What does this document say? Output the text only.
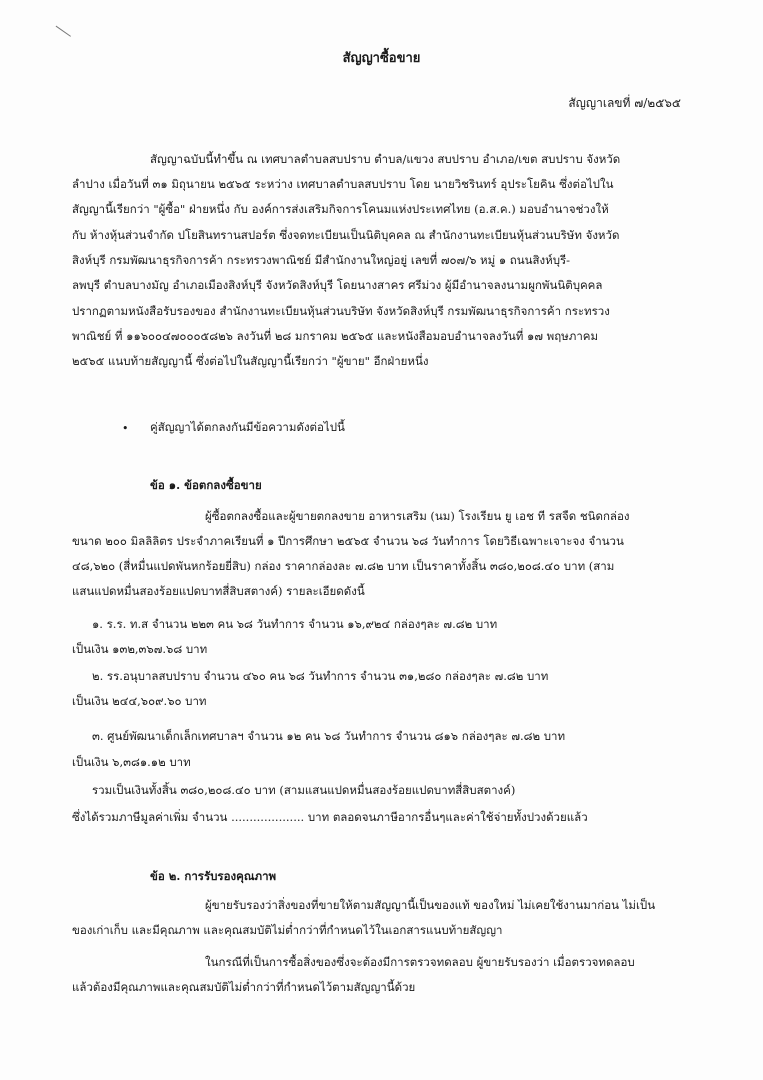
สัญญาซื้อขาย
สัญญาเลขที่ ๗/๒๕๖๕
สัญญาฉบับนี้ทำขึ้น ณ เทศบาลตำบลสบปราบ ตำบล/แขวง สบปราบ อำเภอ/เขต สบปราบ จังหวัด
ลำปาง เมื่อวันที่ ๓๑ มิถุนายน ๒๕๖๕ ระหว่าง เทศบาลตำบลสบปราบ โดย นายวิชรินทร์ อุประโยคิน ซึ่งต่อไปใน
สัญญานี้เรียกว่า "ผู้ซื้อ" ฝ่ายหนึ่ง กับ องค์การส่งเสริมกิจการโคนมแห่งประเทศไทย (อ.ส.ค.) มอบอำนาจช่วงให้
กับ ห้างหุ้นส่วนจำกัด ปโยสินทรานสปอร์ต ซึ่งจดทะเบียนเป็นนิติบุคคล ณ สำนักงานทะเบียนหุ้นส่วนบริษัท จังหวัด
สิงห์บุรี กรมพัฒนาธุรกิจการค้า กระทรวงพาณิชย์ มีสำนักงานใหญ่อยู่ เลขที่ ๗๐๗/๖ หมู่ ๑ ถนนสิงห์บุรี-
ลพบุรี ตำบลบางมัญ อำเภอเมืองสิงห์บุรี จังหวัดสิงห์บุรี โดยนางสาคร ศรีม่วง ผู้มีอำนาจลงนามผูกพันนิติบุคคล
ปรากฏตามหนังสือรับรองของ สำนักงานทะเบียนหุ้นส่วนบริษัท จังหวัดสิงห์บุรี กรมพัฒนาธุรกิจการค้า กระทรวง
พาณิชย์ ที่ ๑๑๖๐๐๔๗๐๐๐๕๘๒๖ ลงวันที่ ๒๘ มกราคม ๒๕๖๕ และหนังสือมอบอำนาจลงวันที่ ๑๗ พฤษภาคม
๒๕๖๕ แนบท้ายสัญญานี้ ซึ่งต่อไปในสัญญานี้เรียกว่า "ผู้ขาย" อีกฝ่ายหนึ่ง
• คู่สัญญาได้ตกลงกันมีข้อความดังต่อไปนี้
ข้อ ๑. ข้อตกลงซื้อขาย
ผู้ซื้อตกลงซื้อและผู้ขายตกลงขาย อาหารเสริม (นม) โรงเรียน ยู เอช ที รสจืด ชนิดกล่อง
ขนาด ๒๐๐ มิลลิลิตร ประจำภาคเรียนที่ ๑ ปีการศึกษา ๒๕๖๕ จำนวน ๖๘ วันทำการ โดยวิธีเฉพาะเจาะจง จำนวน
๔๘,๖๒๐ (สี่หมื่นแปดพันหกร้อยยี่สิบ) กล่อง ราคากล่องละ ๗.๘๒ บาท เป็นราคาทั้งสิ้น ๓๘๐,๒๐๘.๔๐ บาท (สาม
แสนแปดหมื่นสองร้อยแปดบาทสี่สิบสตางค์) รายละเอียดดังนี้
๑. ร.ร. ท.ส จำนวน ๒๒๓ คน ๖๘ วันทำการ จำนวน ๑๖,๙๒๔ กล่องๆละ ๗.๘๒ บาท
เป็นเงิน ๑๓๒,๓๖๗.๖๘ บาท
๒. รร.อนุบาลสบปราบ จำนวน ๔๖๐ คน ๖๘ วันทำการ จำนวน ๓๑,๒๘๐ กล่องๆละ ๗.๘๒ บาท
เป็นเงิน ๒๔๔,๖๐๙.๖๐ บาท
๓. ศูนย์พัฒนาเด็กเล็กเทศบาลฯ จำนวน ๑๒ คน ๖๘ วันทำการ จำนวน ๘๑๖ กล่องๆละ ๗.๘๒ บาท
เป็นเงิน ๖,๓๘๑.๑๒ บาท
รวมเป็นเงินทั้งสิ้น ๓๘๐,๒๐๘.๔๐ บาท (สามแสนแปดหมื่นสองร้อยแปดบาทสี่สิบสตางค์)
ซึ่งได้รวมภาษีมูลค่าเพิ่ม จำนวน .................... บาท ตลอดจนภาษีอากรอื่นๆและค่าใช้จ่ายทั้งปวงด้วยแล้ว
ข้อ ๒. การรับรองคุณภาพ
ผู้ขายรับรองว่าสิ่งของที่ขายให้ตามสัญญานี้เป็นของแท้ ของใหม่ ไม่เคยใช้งานมาก่อน ไม่เป็น
ของเก่าเก็บ และมีคุณภาพ และคุณสมบัติไม่ต่ำกว่าที่กำหนดไว้ในเอกสารแนบท้ายสัญญา
ในกรณีที่เป็นการซื้อสิ่งของซึ่งจะต้องมีการตรวจทดลอบ ผู้ขายรับรองว่า เมื่อตรวจทดลอบ
แล้วต้องมีคุณภาพและคุณสมบัติไม่ต่ำกว่าที่กำหนดไว้ตามสัญญานี้ด้วย
